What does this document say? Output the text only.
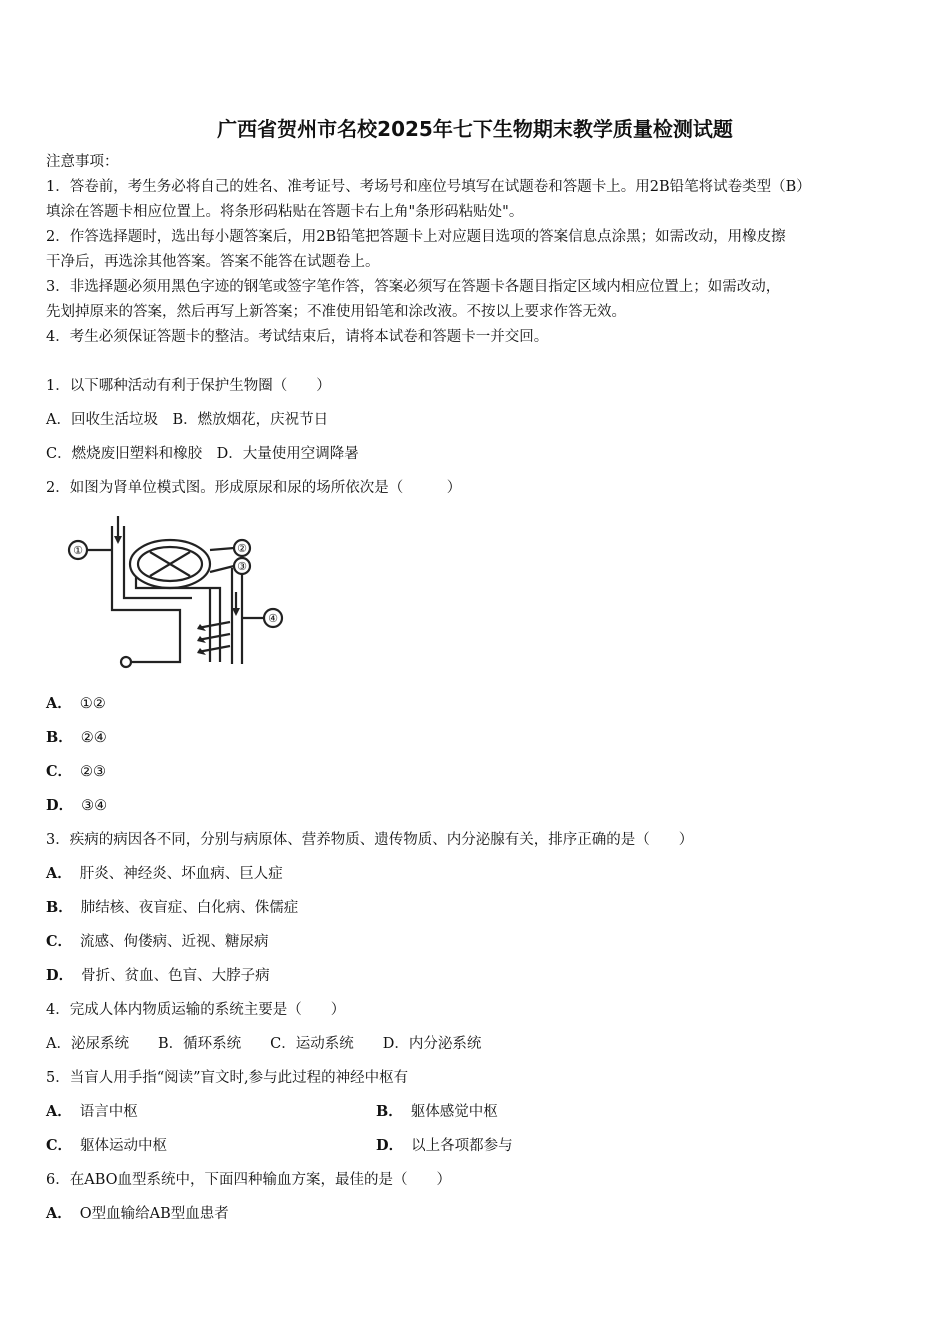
广西省贺州市名校2025年七下生物期末教学质量检测试题
注意事项：
1．答卷前，考生务必将自己的姓名、准考证号、考场号和座位号填写在试题卷和答题卡上。用2B铅笔将试卷类型（B）
填涂在答题卡相应位置上。将条形码粘贴在答题卡右上角"条形码粘贴处"。
2．作答选择题时，选出每小题答案后，用2B铅笔把答题卡上对应题目选项的答案信息点涂黑；如需改动，用橡皮擦
干净后，再选涂其他答案。答案不能答在试题卷上。
3．非选择题必须用黑色字迹的钢笔或签字笔作答，答案必须写在答题卡各题目指定区域内相应位置上；如需改动，
先划掉原来的答案，然后再写上新答案；不准使用铅笔和涂改液。不按以上要求作答无效。
4．考生必须保证答题卡的整洁。考试结束后，请将本试卷和答题卡一并交回。
1．以下哪种活动有利于保护生物圈（　　）
A．回收生活垃圾　B．燃放烟花，庆祝节日
C．燃烧废旧塑料和橡胶　D．大量使用空调降暑
2．如图为肾单位模式图。形成原尿和尿的场所依次是（　　　）
①	②
③
④
A． ①②
B． ②④
C． ②③
D． ③④
3．疾病的病因各不同，分别与病原体、营养物质、遗传物质、内分泌腺有关，排序正确的是（　　）
A． 肝炎、神经炎、坏血病、巨人症
B． 肺结核、夜盲症、白化病、侏儒症
C． 流感、佝偻病、近视、糖尿病
D． 骨折、贫血、色盲、大脖子病
4．完成人体内物质运输的系统主要是（　　）
A．泌尿系统　　B．循环系统　　C．运动系统　　D．内分泌系统
5．当盲人用手指“阅读”盲文时,参与此过程的神经中枢有
A． 语言中枢	B． 躯体感觉中枢
C． 躯体运动中枢	D． 以上各项都参与
6．在ABO血型系统中，下面四种输血方案，最佳的是（　　）
A． O型血输给AB型血患者
